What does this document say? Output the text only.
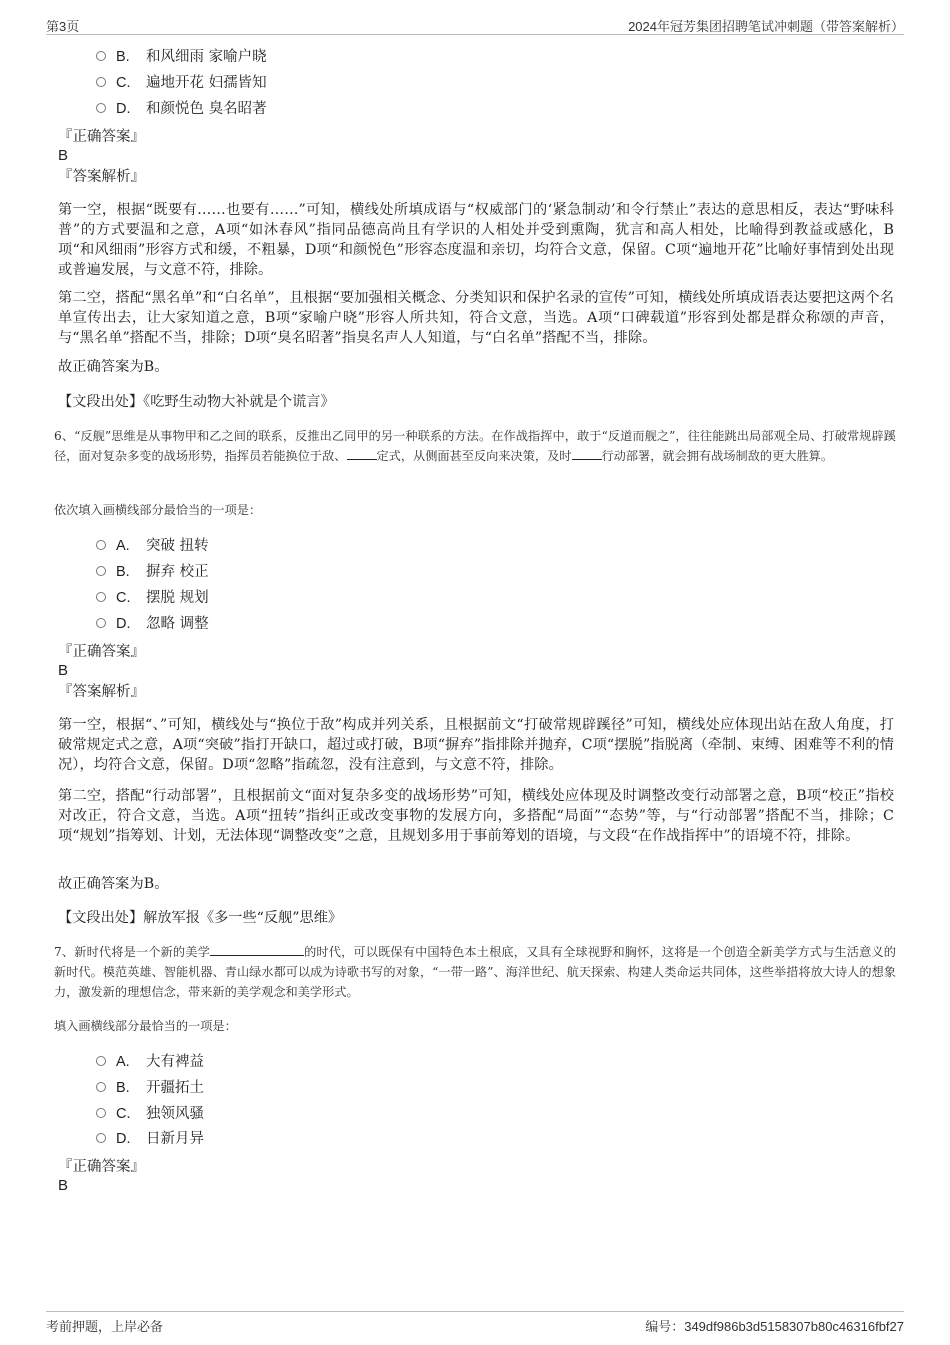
第3页	2024年冠芳集团招聘笔试冲刺题（带答案解析）
B. 和风细雨 家喻户晓
C. 遍地开花 妇孺皆知
D. 和颜悦色 臭名昭著
『正确答案』
B
『答案解析』
第一空，根据“既要有……也要有……”可知，横线处所填成语与“权威部门的‘紧急制动’和令行禁止”表达的意思相反，表达“野味科普”的方式要温和之意，A项“如沐春风”指同品德高尚且有学识的人相处并受到熏陶，犹言和高人相处，比喻得到教益或感化，B项“和风细雨”形容方式和缓，不粗暴，D项“和颜悦色”形容态度温和亲切，均符合文意，保留。C项“遍地开花”比喻好事情到处出现或普遍发展，与文意不符，排除。
第二空，搭配“黑名单”和“白名单”，且根据“要加强相关概念、分类知识和保护名录的宣传”可知，横线处所填成语表达要把这两个名单宣传出去，让大家知道之意，B项“家喻户晓”形容人所共知，符合文意，当选。A项“口碑载道”形容到处都是群众称颂的声音，与“黑名单”搭配不当，排除；D项“臭名昭著”指臭名声人人知道，与“白名单”搭配不当，排除。
故正确答案为B。
【文段出处】《吃野生动物大补就是个谎言》
6、“反舰”思维是从事物甲和乙之间的联系，反推出乙同甲的另一种联系的方法。在作战指挥中，敢于“反道而舰之”，往往能跳出局部观全局、打破常规辟蹊径，面对复杂多变的战场形势，指挥员若能换位于敌、 定式，从侧面甚至反向来决策，及时 行动部署，就会拥有战场制敌的更大胜算。
依次填入画横线部分最恰当的一项是：
A. 突破 扭转
B. 摒弃 校正
C. 摆脱 规划
D. 忽略 调整
『正确答案』
B
『答案解析』
第一空，根据“、”可知，横线处与“换位于敌”构成并列关系，且根据前文“打破常规辟蹊径”可知，横线处应体现出站在敌人角度，打破常规定式之意，A项“突破”指打开缺口，超过或打破，B项“摒弃”指排除并抛弃，C项“摆脱”指脱离（牵制、束缚、困难等不利的情况），均符合文意，保留。D项“忽略”指疏忽，没有注意到，与文意不符，排除。
第二空，搭配“行动部署”，且根据前文“面对复杂多变的战场形势”可知，横线处应体现及时调整改变行动部署之意，B项“校正”指校对改正，符合文意，当选。A项“扭转”指纠正或改变事物的发展方向，多搭配“局面”“态势”等，与“行动部署”搭配不当，排除；C项“规划”指筹划、计划，无法体现“调整改变”之意，且规划多用于事前筹划的语境，与文段“在作战指挥中”的语境不符，排除。
故正确答案为B。
【文段出处】解放军报《多一些“反舰”思维》
7、新时代将是一个新的美学	的时代，可以既保有中国特色本土根底，又具有全球视野和胸怀，这将是一个创造全新美学方式与生活意义的新时代。模范英雄、智能机器、青山绿水都可以成为诗歌书写的对象，“一带一路”、海洋世纪、航天探索、构建人类命运共同体，这些举措将放大诗人的想象力，激发新的理想信念，带来新的美学观念和美学形式。
填入画横线部分最恰当的一项是：
A. 大有裨益
B. 开疆拓土
C. 独领风骚
D. 日新月异
『正确答案』
B
考前押题，上岸必备	编号：349df986b3d5158307b80c46316fbf27
